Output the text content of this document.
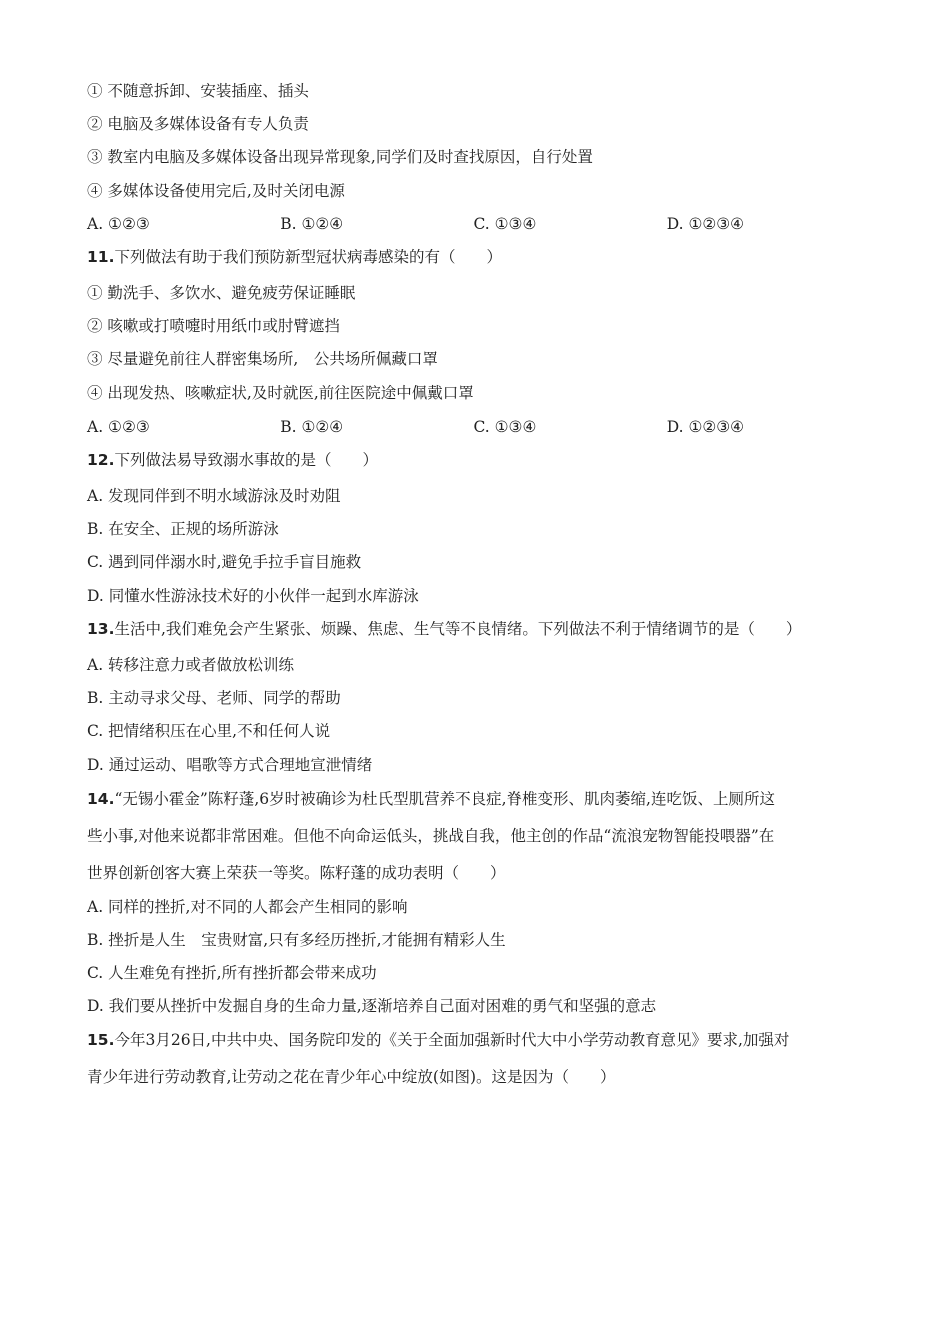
① 不随意拆卸、安装插座、插头
② 电脑及多媒体设备有专人负责
③ 教室内电脑及多媒体设备出现异常现象,同学们及时查找原因，自行处置
④ 多媒体设备使用完后,及时关闭电源
A. ①②③	B. ①②④	C. ①③④	D. ①②③④
11.下列做法有助于我们预防新型冠状病毒感染的有（　　）
① 勤洗手、多饮水、避免疲劳保证睡眠
② 咳嗽或打喷嚏时用纸巾或肘臂遮挡
③ 尽量避免前往人群密集场所,　公共场所佩藏口罩
④ 出现发热、咳嗽症状,及时就医,前往医院途中佩戴口罩
A. ①②③	B. ①②④	C. ①③④	D. ①②③④
12.下列做法易导致溺水事故的是（　　）
A. 发现同伴到不明水域游泳及时劝阻
B. 在安全、正规的场所游泳
C. 遇到同伴溺水时,避免手拉手盲目施救
D. 同懂水性游泳技术好的小伙伴一起到水库游泳
13.生活中,我们难免会产生紧张、烦躁、焦虑、生气等不良情绪。下列做法不利于情绪调节的是（　　）
A. 转移注意力或者做放松训练
B. 主动寻求父母、老师、同学的帮助
C. 把情绪积压在心里,不和任何人说
D. 通过运动、唱歌等方式合理地宣泄情绪
14.“无锡小霍金”陈籽蓬,6岁时被确诊为杜氏型肌营养不良症,脊椎变形、肌肉萎缩,连吃饭、上厕所这
些小事,对他来说都非常困难。但他不向命运低头，挑战自我，他主创的作品“流浪宠物智能投喂器”在
世界创新创客大赛上荣获一等奖。陈籽蓬的成功表明（　　）
A. 同样的挫折,对不同的人都会产生相同的影响
B. 挫折是人生　宝贵财富,只有多经历挫折,才能拥有精彩人生
C. 人生难免有挫折,所有挫折都会带来成功
D. 我们要从挫折中发掘自身的生命力量,逐渐培养自己面对困难的勇气和坚强的意志
15.今年3月26日,中共中央、国务院印发的《关于全面加强新时代大中小学劳动教育意见》要求,加强对
青少年进行劳动教育,让劳动之花在青少年心中绽放(如图)。这是因为（　　）
